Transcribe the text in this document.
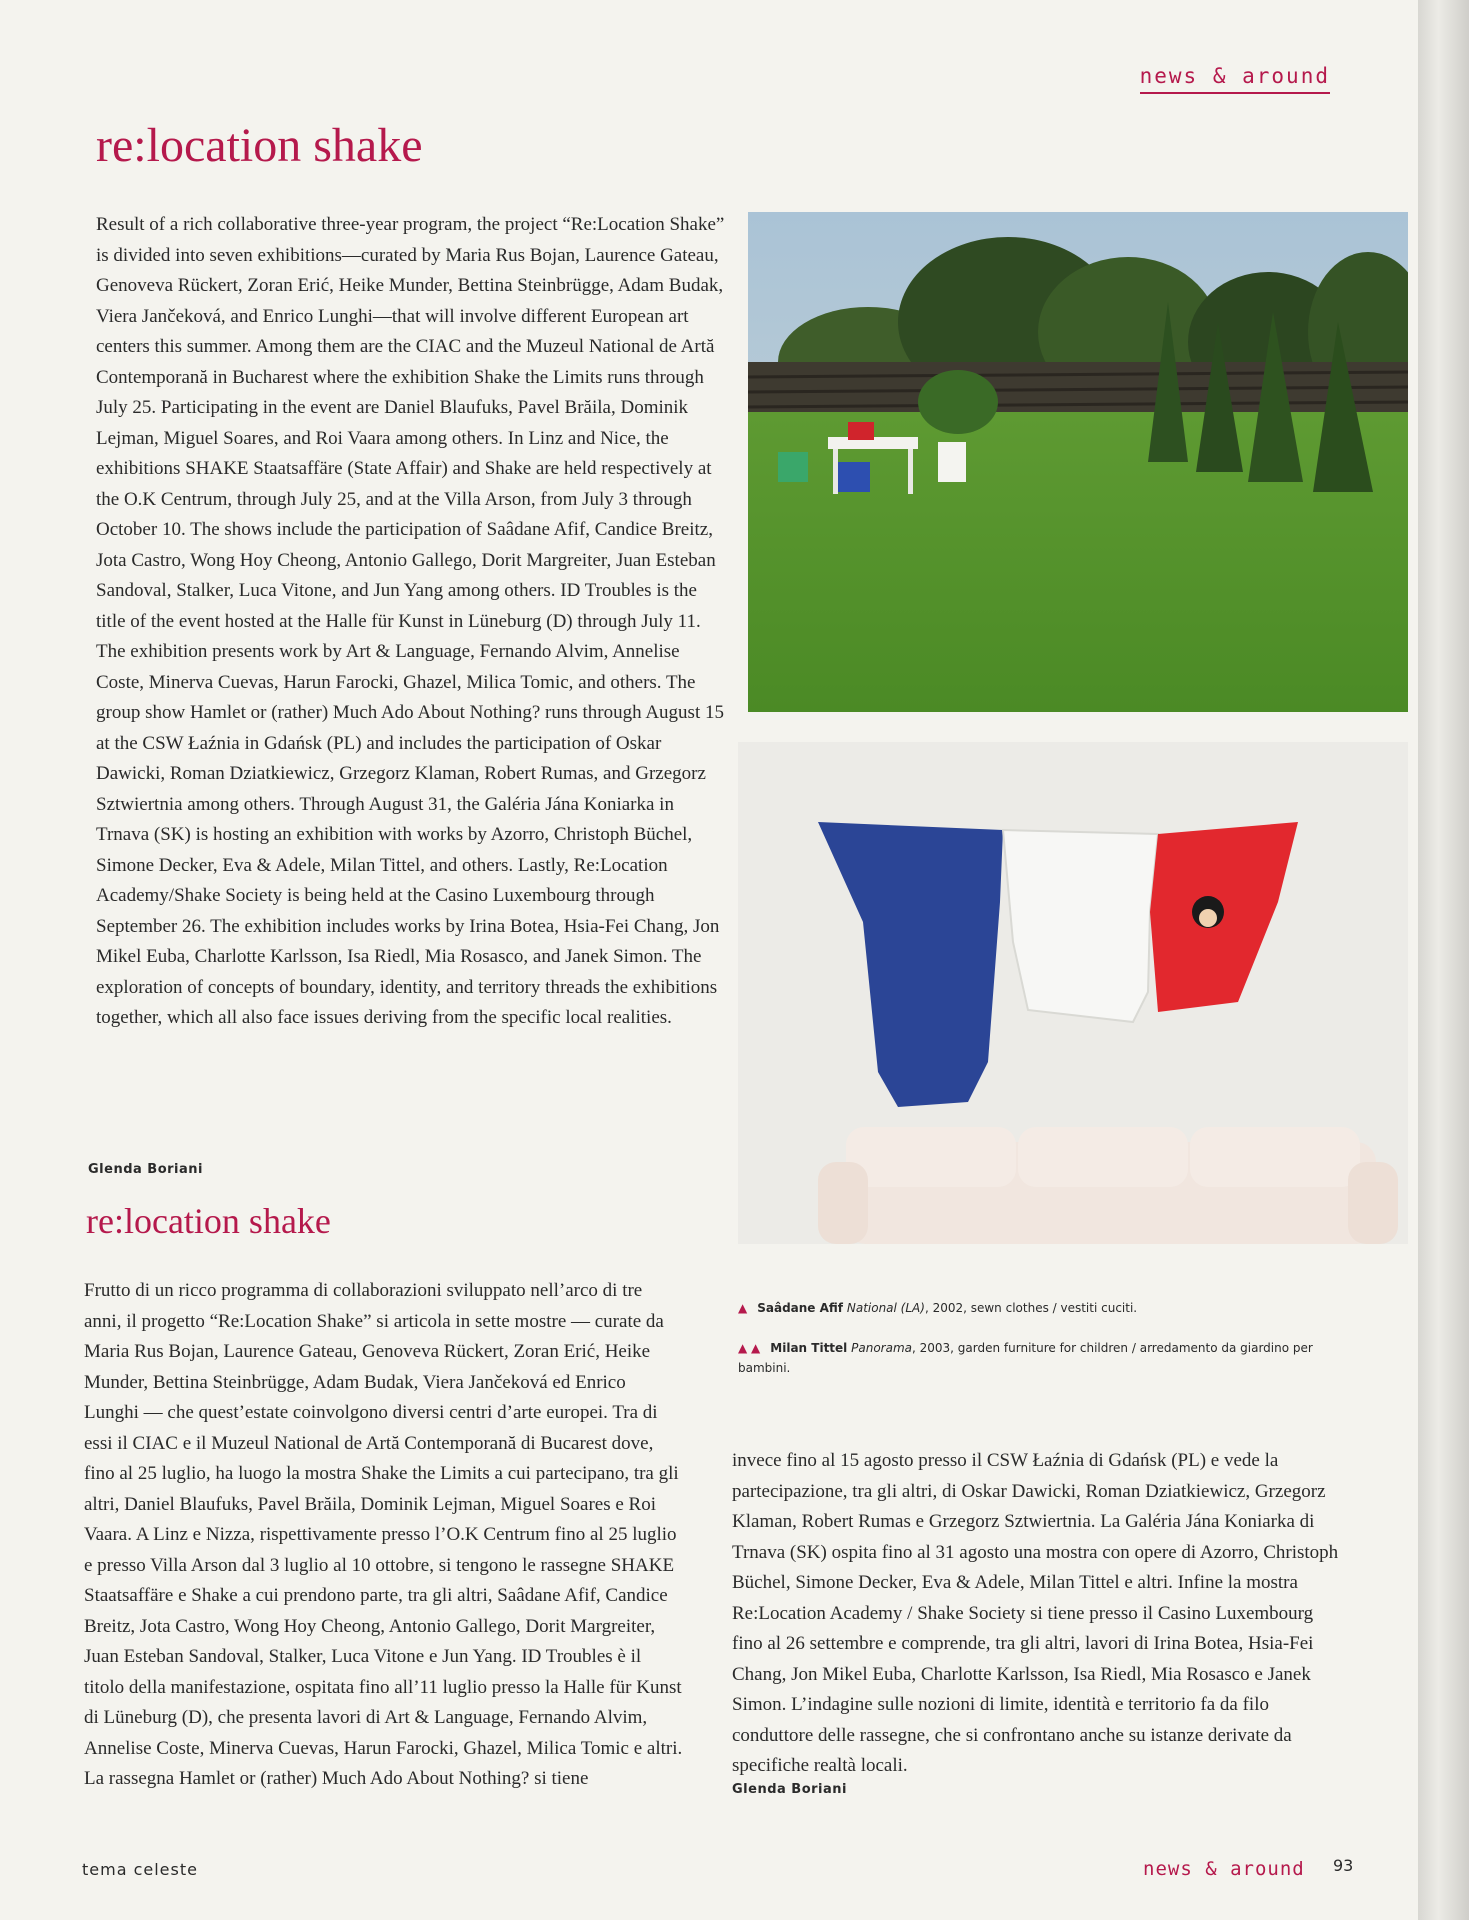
news & around
re:location shake

Result of a rich collaborative three-year program, the project “Re:Location Shake” is divided into seven exhibitions—curated by Maria Rus Bojan, Laurence Gateau, Genoveva Rückert, Zoran Erić, Heike Munder, Bettina Steinbrügge, Adam Budak, Viera Jančeková, and Enrico Lunghi—that will involve different European art centers this summer. Among them are the CIAC and the Muzeul National de Artă Contemporană in Bucharest where the exhibition Shake the Limits runs through July 25. Participating in the event are Daniel Blaufuks, Pavel Brăila, Dominik Lejman, Miguel Soares, and Roi Vaara among others. In Linz and Nice, the exhibitions SHAKE Staatsaffäre (State Affair) and Shake are held respectively at the O.K Centrum, through July 25, and at the Villa Arson, from July 3 through October 10. The shows include the participation of Saâdane Afif, Candice Breitz, Jota Castro, Wong Hoy Cheong, Antonio Gallego, Dorit Margreiter, Juan Esteban Sandoval, Stalker, Luca Vitone, and Jun Yang among others. ID Troubles is the title of the event hosted at the Halle für Kunst in Lüneburg (D) through July 11. The exhibition presents work by Art & Language, Fernando Alvim, Annelise Coste, Minerva Cuevas, Harun Farocki, Ghazel, Milica Tomic, and others. The group show Hamlet or (rather) Much Ado About Nothing? runs through August 15 at the CSW Łaźnia in Gdańsk (PL) and includes the participation of Oskar Dawicki, Roman Dziatkiewicz, Grzegorz Klaman, Robert Rumas, and Grzegorz Sztwiertnia among others. Through August 31, the Galéria Jána Koniarka in Trnava (SK) is hosting an exhibition with works by Azorro, Christoph Büchel, Simone Decker, Eva & Adele, Milan Tittel, and others. Lastly, Re:Location Academy/Shake Society is being held at the Casino Luxembourg through September 26. The exhibition includes works by Irina Botea, Hsia-Fei Chang, Jon Mikel Euba, Charlotte Karlsson, Isa Riedl, Mia Rosasco, and Janek Simon. The exploration of concepts of boundary, identity, and territory threads the exhibitions together, which all also face issues deriving from the specific local realities.

Glenda Boriani

▲ Saâdane Afif National (LA), 2002, sewn clothes / vestiti cuciti.

▲ ▲ Milan Tittel Panorama, 2003, garden furniture for children / arredamento da giardino per bambini.

re:location shake

Frutto di un ricco programma di collaborazioni sviluppato nell’arco di tre anni, il progetto “Re:Location Shake” si articola in sette mostre — curate da Maria Rus Bojan, Laurence Gateau, Genoveva Rückert, Zoran Erić, Heike Munder, Bettina Steinbrügge, Adam Budak, Viera Jančeková ed Enrico Lunghi — che quest’estate coinvolgono diversi centri d’arte europei. Tra di essi il CIAC e il Muzeul National de Artă Contemporană di Bucarest dove, fino al 25 luglio, ha luogo la mostra Shake the Limits a cui partecipano, tra gli altri, Daniel Blaufuks, Pavel Brăila, Dominik Lejman, Miguel Soares e Roi Vaara. A Linz e Nizza, rispettivamente presso l’O.K Centrum fino al 25 luglio e presso Villa Arson dal 3 luglio al 10 ottobre, si tengono le rassegne SHAKE Staatsaffäre e Shake a cui prendono parte, tra gli altri, Saâdane Afif, Candice Breitz, Jota Castro, Wong Hoy Cheong, Antonio Gallego, Dorit Margreiter, Juan Esteban Sandoval, Stalker, Luca Vitone e Jun Yang. ID Troubles è il titolo della manifestazione, ospitata fino all’11 luglio presso la Halle für Kunst di Lüneburg (D), che presenta lavori di Art & Language, Fernando Alvim, Annelise Coste, Minerva Cuevas, Harun Farocki, Ghazel, Milica Tomic e altri. La rassegna Hamlet or (rather) Much Ado About Nothing? si tiene

invece fino al 15 agosto presso il CSW Łaźnia di Gdańsk (PL) e vede la partecipazione, tra gli altri, di Oskar Dawicki, Roman Dziatkiewicz, Grzegorz Klaman, Robert Rumas e Grzegorz Sztwiertnia. La Galéria Jána Koniarka di Trnava (SK) ospita fino al 31 agosto una mostra con opere di Azorro, Christoph Büchel, Simone Decker, Eva & Adele, Milan Tittel e altri. Infine la mostra Re:Location Academy / Shake Society si tiene presso il Casino Luxembourg fino al 26 settembre e comprende, tra gli altri, lavori di Irina Botea, Hsia-Fei Chang, Jon Mikel Euba, Charlotte Karlsson, Isa Riedl, Mia Rosasco e Janek Simon. L’indagine sulle nozioni di limite, identità e territorio fa da filo conduttore delle rassegne, che si confrontano anche su istanze derivate da specifiche realtà locali.

Glenda Boriani

tema celeste	news & around 93
